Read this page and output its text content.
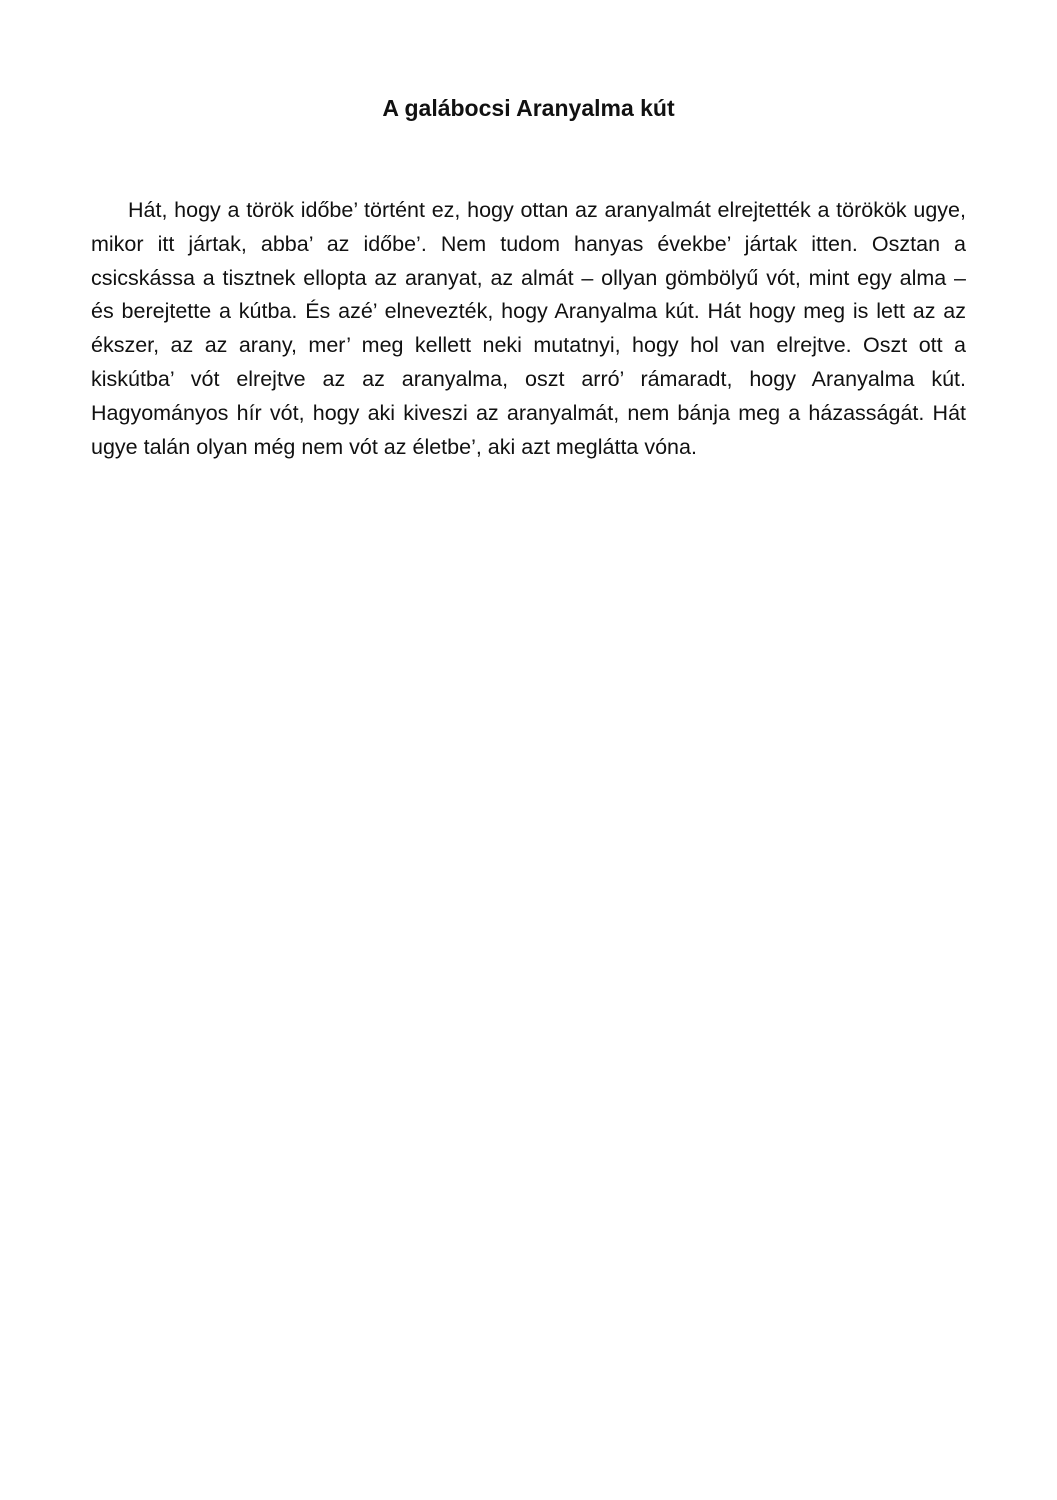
A galábocsi Aranyalma kút

Hát, hogy a török időbe’ történt ez, hogy ottan az aranyalmát elrejtették a törökök ugye, mikor itt jártak, abba’ az időbe’. Nem tudom hanyas évekbe’ jártak itten. Osztan a csicskássa a tisztnek ellopta az aranyat, az almát – ollyan gömbölyű vót, mint egy alma – és berejtette a kútba. És azé’ elnevezték, hogy Aranyalma kút. Hát hogy meg is lett az az ékszer, az az arany, mer’ meg kellett neki mutatnyi, hogy hol van elrejtve. Oszt ott a kiskútba’ vót elrejtve az az aranyalma, oszt arró’ rámaradt, hogy Aranyalma kút. Hagyományos hír vót, hogy aki kiveszi az aranyalmát, nem bánja meg a házasságát. Hát ugye talán olyan még nem vót az életbe’, aki azt meglátta vóna.
